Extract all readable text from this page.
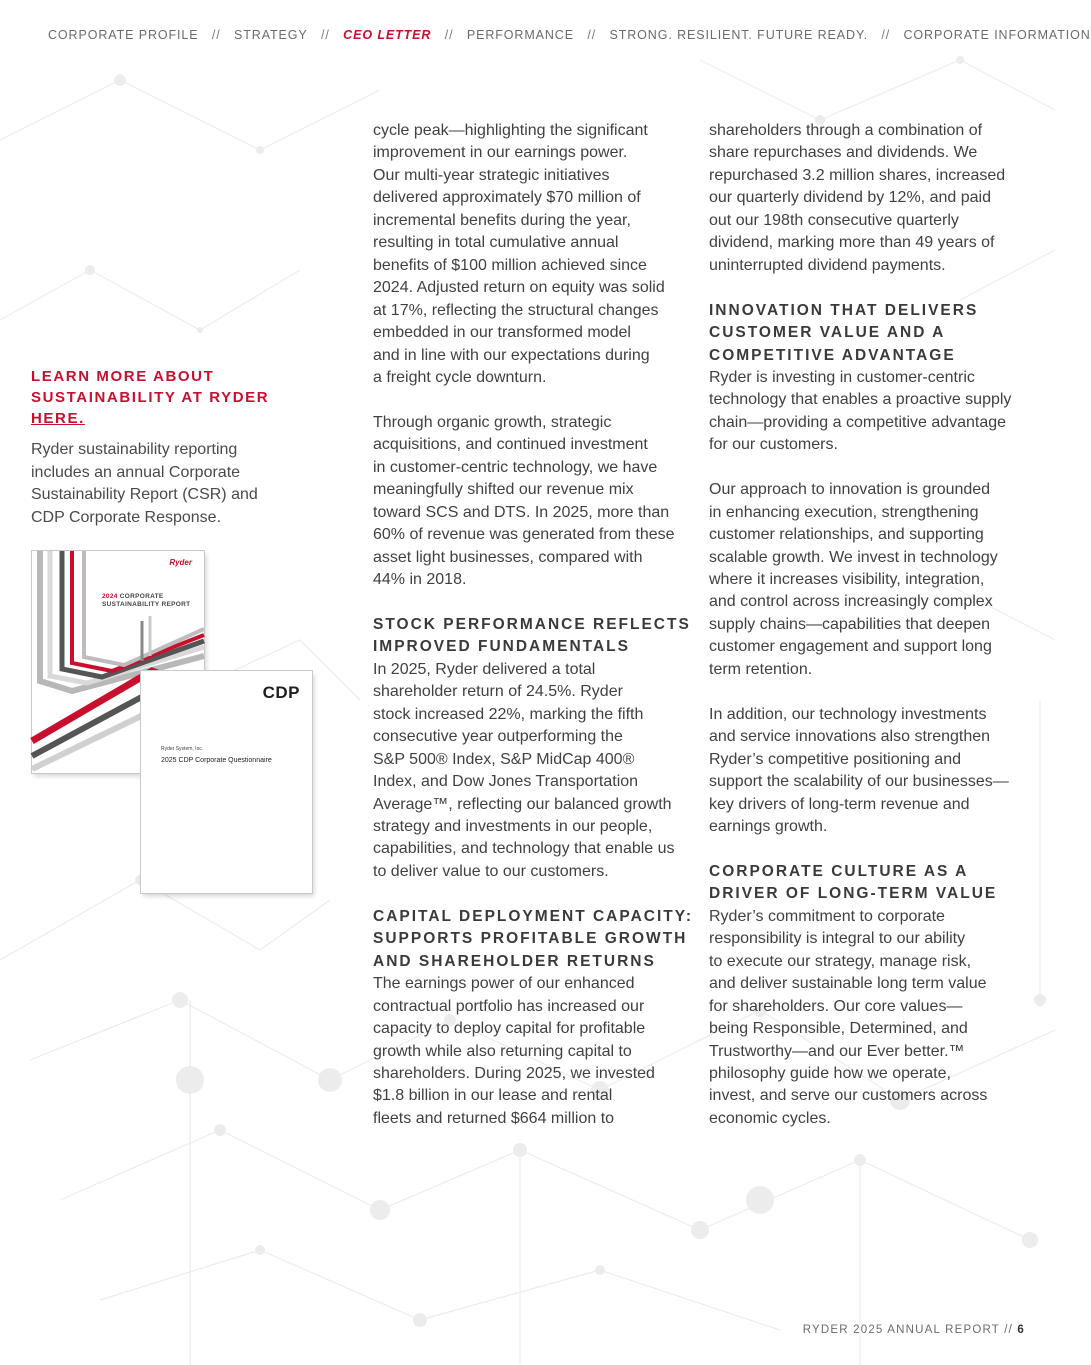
CORPORATE PROFILE // STRATEGY // CEO LETTER // PERFORMANCE // STRONG. RESILIENT. FUTURE READY. // CORPORATE INFORMATION
LEARN MORE ABOUT SUSTAINABILITY AT RYDER HERE.

Ryder sustainability reporting includes an annual Corporate Sustainability Report (CSR) and CDP Corporate Response.

Ryder
2024 CORPORATE
SUSTAINABILITY REPORT
CDP
Ryder System, Inc.
2025 CDP Corporate Questionnaire

cycle peak—highlighting the significant
improvement in our earnings power.
Our multi-year strategic initiatives
delivered approximately $70 million of
incremental benefits during the year,
resulting in total cumulative annual
benefits of $100 million achieved since
2024. Adjusted return on equity was solid
at 17%, reflecting the structural changes
embedded in our transformed model
and in line with our expectations during
a freight cycle downturn.

Through organic growth, strategic
acquisitions, and continued investment
in customer-centric technology, we have
meaningfully shifted our revenue mix
toward SCS and DTS. In 2025, more than
60% of revenue was generated from these
asset light businesses, compared with
44% in 2018.

STOCK PERFORMANCE REFLECTS
IMPROVED FUNDAMENTALS

In 2025, Ryder delivered a total
shareholder return of 24.5%. Ryder
stock increased 22%, marking the fifth
consecutive year outperforming the
S&P 500® Index, S&P MidCap 400®
Index, and Dow Jones Transportation
Average™, reflecting our balanced growth
strategy and investments in our people,
capabilities, and technology that enable us
to deliver value to our customers.

CAPITAL DEPLOYMENT CAPACITY:
SUPPORTS PROFITABLE GROWTH
AND SHAREHOLDER RETURNS

The earnings power of our enhanced
contractual portfolio has increased our
capacity to deploy capital for profitable
growth while also returning capital to
shareholders. During 2025, we invested
$1.8 billion in our lease and rental
fleets and returned $664 million to

shareholders through a combination of
share repurchases and dividends. We
repurchased 3.2 million shares, increased
our quarterly dividend by 12%, and paid
out our 198th consecutive quarterly
dividend, marking more than 49 years of
uninterrupted dividend payments.

INNOVATION THAT DELIVERS
CUSTOMER VALUE AND A
COMPETITIVE ADVANTAGE

Ryder is investing in customer-centric
technology that enables a proactive supply
chain—providing a competitive advantage
for our customers.

Our approach to innovation is grounded
in enhancing execution, strengthening
customer relationships, and supporting
scalable growth. We invest in technology
where it increases visibility, integration,
and control across increasingly complex
supply chains—capabilities that deepen
customer engagement and support long
term retention.

In addition, our technology investments
and service innovations also strengthen
Ryder’s competitive positioning and
support the scalability of our businesses—
key drivers of long-term revenue and
earnings growth.

CORPORATE CULTURE AS A
DRIVER OF LONG-TERM VALUE

Ryder’s commitment to corporate
responsibility is integral to our ability
to execute our strategy, manage risk,
and deliver sustainable long term value
for shareholders. Our core values—
being Responsible, Determined, and
Trustworthy—and our Ever better.™
philosophy guide how we operate,
invest, and serve our customers across
economic cycles.

RYDER 2025 ANNUAL REPORT // 6
